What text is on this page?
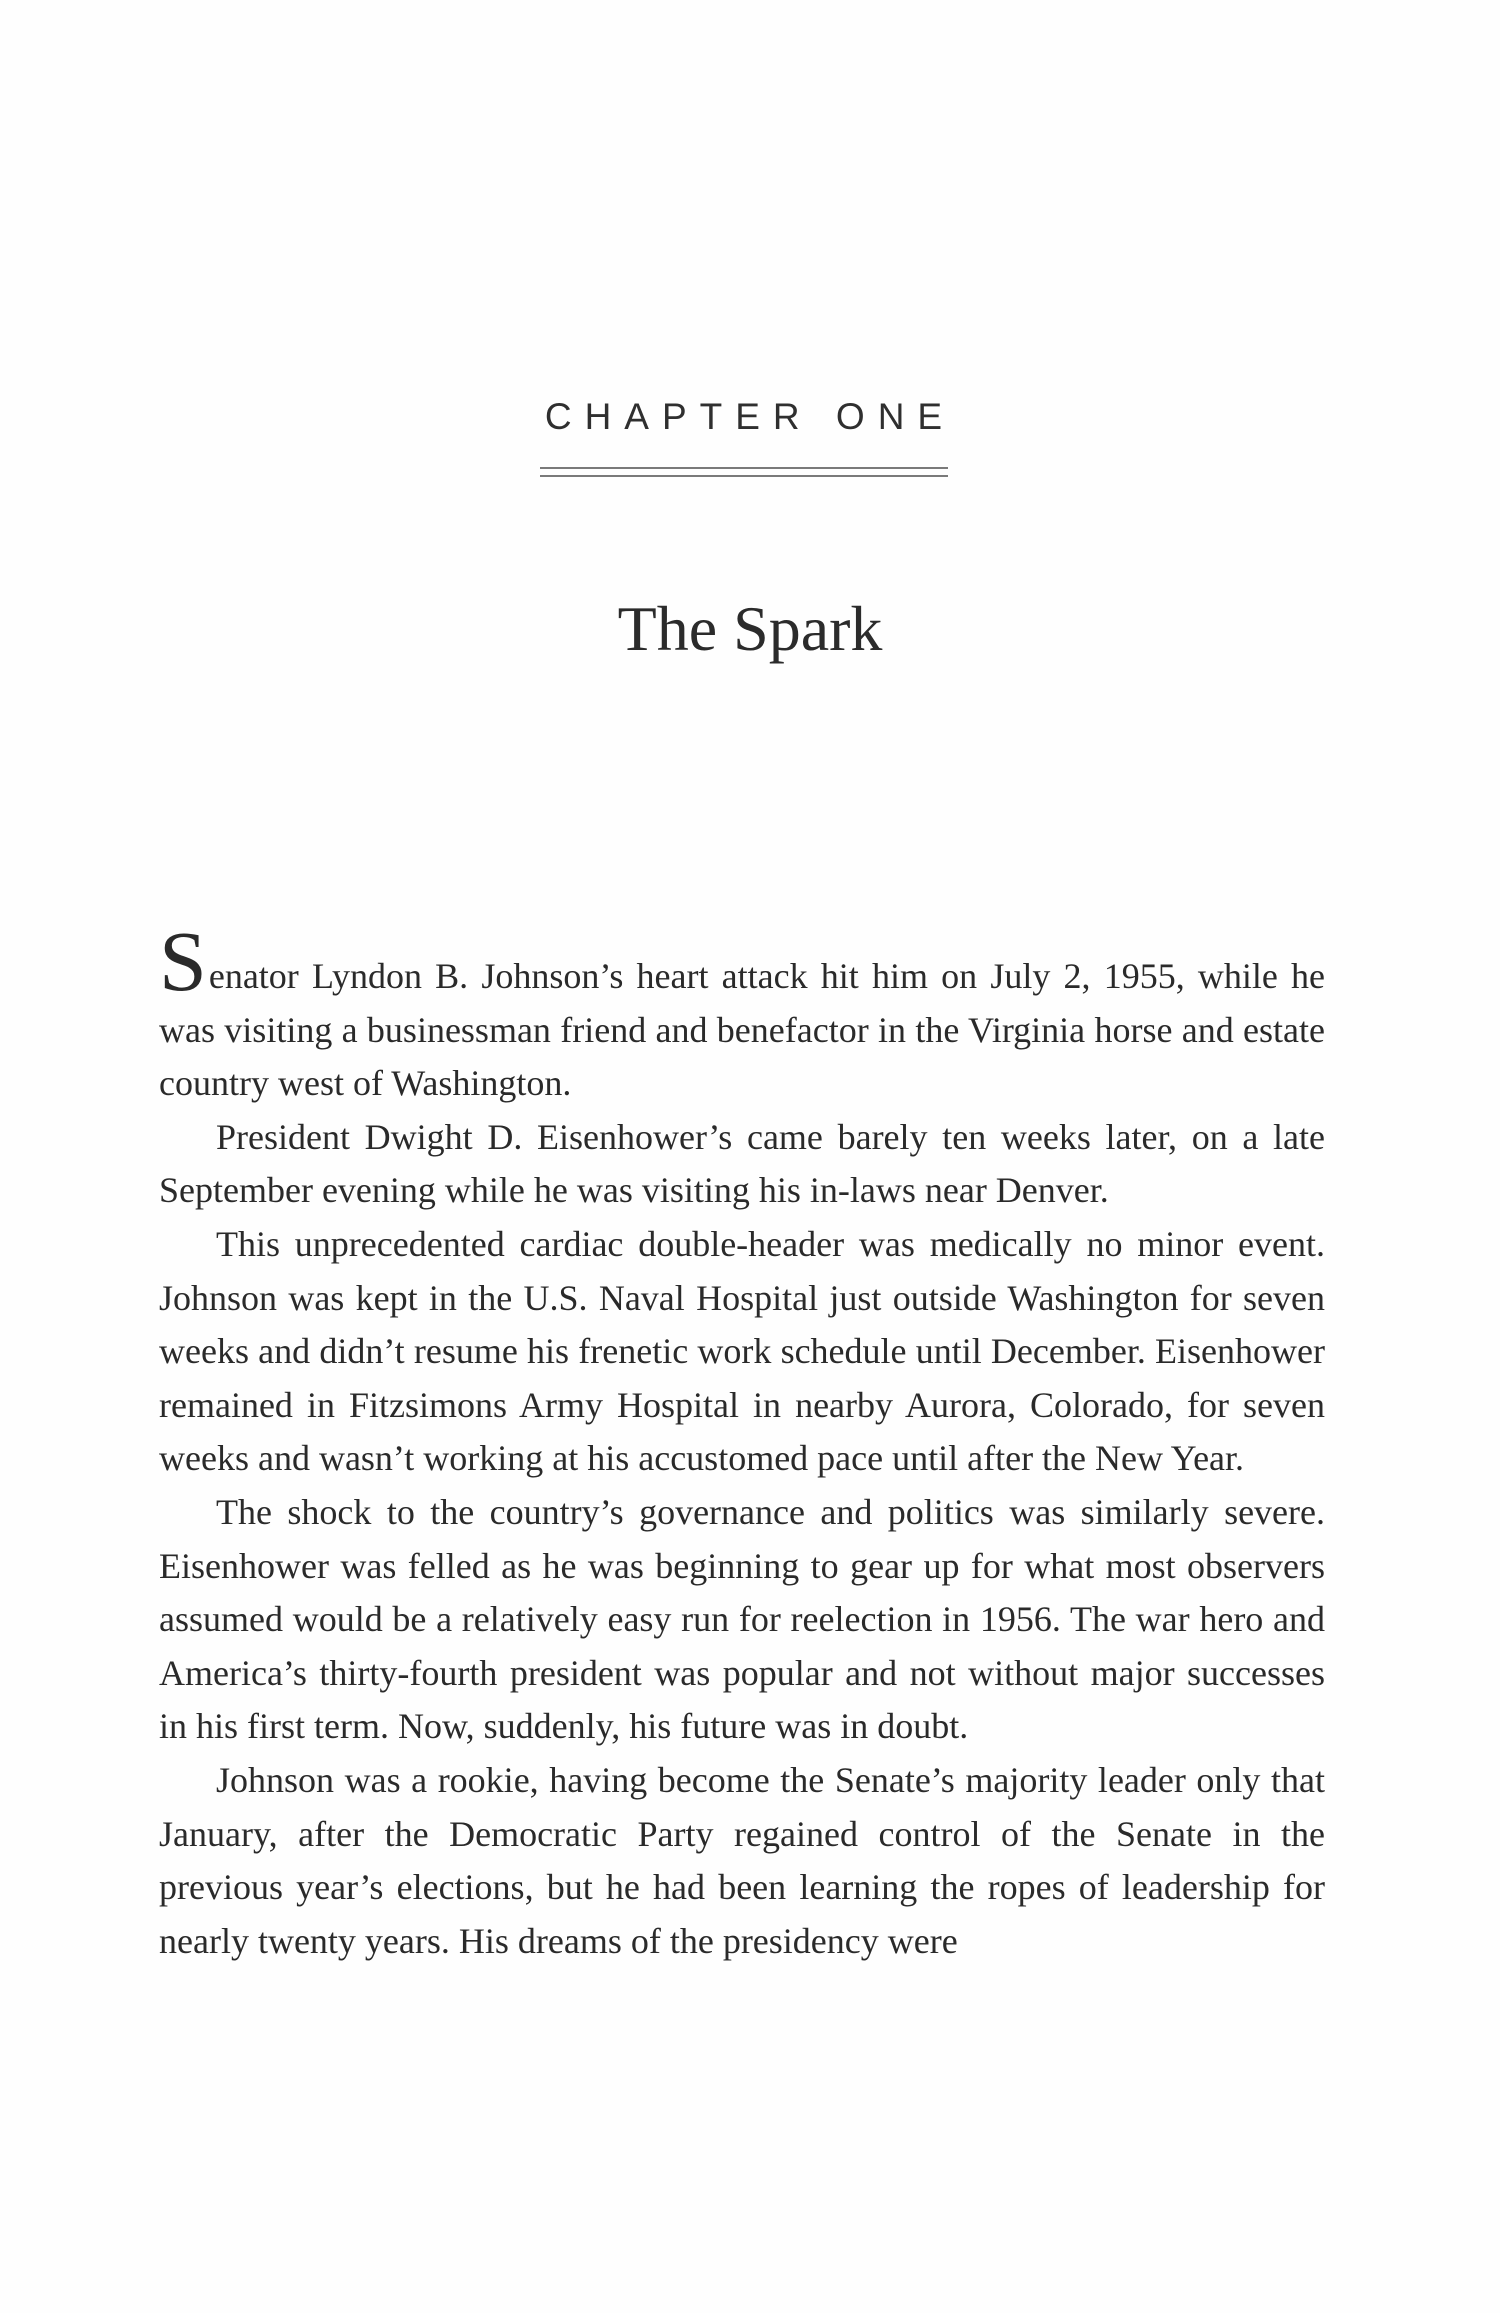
CHAPTER ONE
The Spark

Senator Lyndon B. Johnson’s heart attack hit him on July 2, 1955, while he was visiting a businessman friend and benefactor in the Virginia horse and estate country west of Washington.

President Dwight D. Eisenhower’s came barely ten weeks later, on a late September evening while he was visiting his in-laws near Denver.

This unprecedented cardiac double-header was medically no minor event. Johnson was kept in the U.S. Naval Hospital just outside Washington for seven weeks and didn’t resume his frenetic work schedule until December. Eisenhower remained in Fitzsimons Army Hospital in nearby Aurora, Colorado, for seven weeks and wasn’t working at his accustomed pace until after the New Year.

The shock to the country’s governance and politics was similarly severe. Eisenhower was felled as he was beginning to gear up for what most observers assumed would be a relatively easy run for reelection in 1956. The war hero and America’s thirty-fourth president was popular and not without major successes in his first term. Now, suddenly, his future was in doubt.

Johnson was a rookie, having become the Senate’s majority leader only that January, after the Democratic Party regained control of the Senate in the previous year’s elections, but he had been learning the ropes of leadership for nearly twenty years. His dreams of the presidency were
